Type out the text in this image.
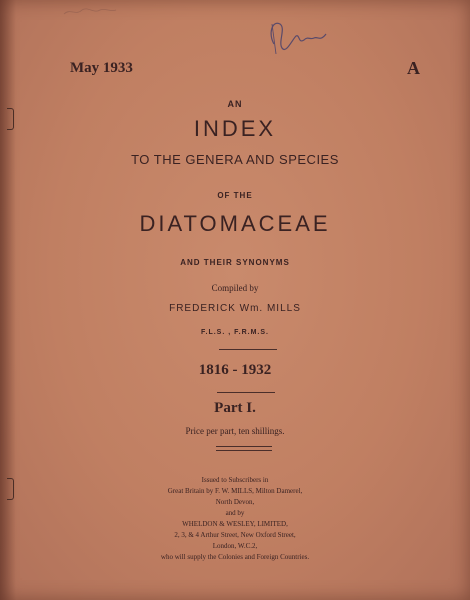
May 1933	A
AN
INDEX
TO THE GENERA AND SPECIES
OF THE
DIATOMACEAE
AND THEIR SYNONYMS
Compiled by
FREDERICK Wm. MILLS
F.L.S. , F.R.M.S.
1816 - 1932
Part I.
Price per part, ten shillings.
Issued to Subscribers in
Great Britain by F. W. MILLS, Milton Damerel,
North Devon,
and by
WHELDON & WESLEY, LIMITED,
2, 3, & 4 Arthur Street, New Oxford Street,
London, W.C.2,
who will supply the Colonies and Foreign Countries.
